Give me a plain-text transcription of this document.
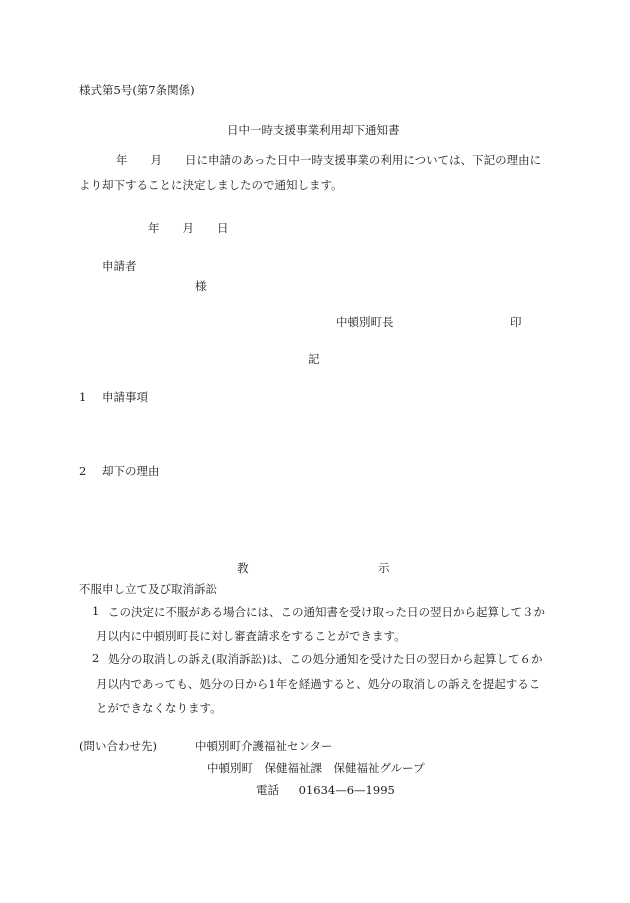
様式第5号(第7条関係)
日中一時支援事業利用却下通知書
年　　月　　日に申請のあった日中一時支援事業の利用については、下記の理由に
より却下することに決定しましたので通知します。
年　　月　　日
申請者
様
中頓別町長	印
記
1 申請事項
2 却下の理由
教	示
不服申し立て及び取消訴訟
1 この決定に不服がある場合には、この通知書を受け取った日の翌日から起算して３か
月以内に中頓別町長に対し審査請求をすることができます。
2 処分の取消しの訴え(取消訴訟)は、この処分通知を受けた日の翌日から起算して６か
月以内であっても、処分の日から1年を経過すると、処分の取消しの訴えを提起するこ
とができなくなります。
(問い合わせ先)	中頓別町介護福祉センター
中頓別町　保健福祉課　保健福祉グループ
電話 01634—6—1995
